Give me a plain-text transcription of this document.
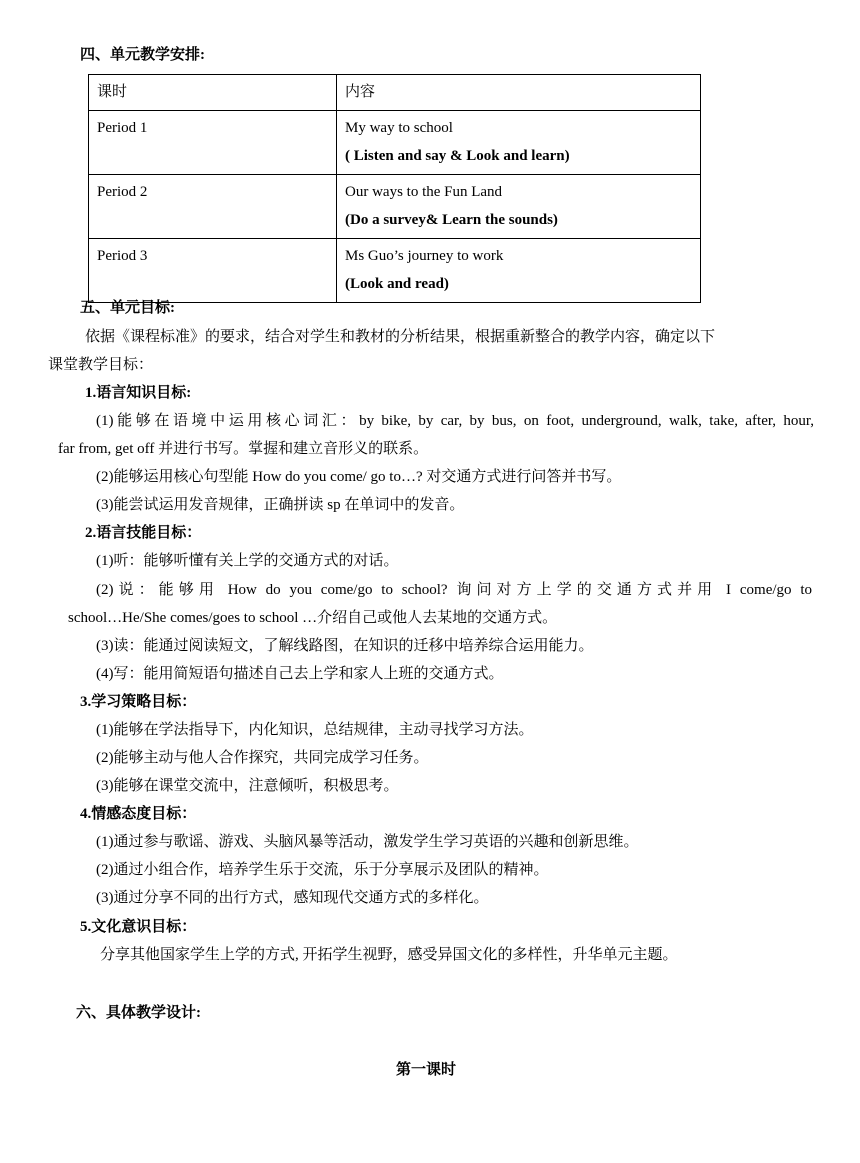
四、单元教学安排:
课时	内容
Period 1	My way to school
( Listen and say & Look and learn)

Period 2	Our ways to the Fun Land
(Do a survey& Learn the sounds)

Period 3	Ms Guo’s journey to work
(Look and read)
五、单元目标:
依据《课程标准》的要求，结合对学生和教材的分析结果，根据重新整合的教学内容，确定以下
课堂教学目标：
1.语言知识目标:
(1)能够在语境中运用核心词汇：by bike, by car, by bus, on foot, underground, walk, take, after, hour,
far from, get off 并进行书写。掌握和建立音形义的联系。
(2)能够运用核心句型能 How do you come/ go to…? 对交通方式进行问答并书写。
(3)能尝试运用发音规律，正确拼读 sp 在单词中的发音。
2.语言技能目标：
(1)听：能够听懂有关上学的交通方式的对话。
(2)说：能够用 How do you come/go to school? 询问对方上学的交通方式并用 I come/go to
school…He/She comes/goes to school …介绍自己或他人去某地的交通方式。
(3)读：能通过阅读短文，了解线路图，在知识的迁移中培养综合运用能力。
(4)写：能用简短语句描述自己去上学和家人上班的交通方式。
3.学习策略目标：
(1)能够在学法指导下，内化知识，总结规律，主动寻找学习方法。
(2)能够主动与他人合作探究，共同完成学习任务。
(3)能够在课堂交流中，注意倾听，积极思考。
4.情感态度目标：
(1)通过参与歌谣、游戏、头脑风暴等活动，激发学生学习英语的兴趣和创新思维。
(2)通过小组合作，培养学生乐于交流，乐于分享展示及团队的精神。
(3)通过分享不同的出行方式，感知现代交通方式的多样化。
5.文化意识目标：
分享其他国家学生上学的方式, 开拓学生视野，感受异国文化的多样性，升华单元主题。
六、具体教学设计:
第一课时
